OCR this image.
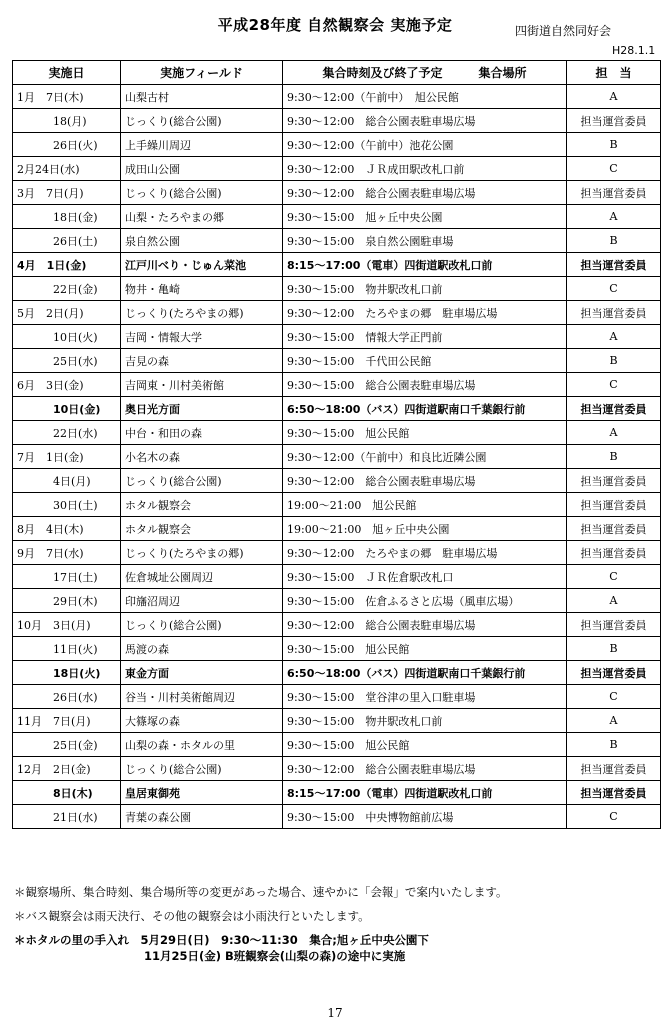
平成28年度 自然観察会 実施予定	四街道自然同好会
H28.1.1
実施日	実施フィールド	集合時刻及び終了予定　　　集合場所	担　当
1月　7日(木)	山梨古村	9:30～12:00（午前中）　旭公民館	A
18(月)	じっくり(総合公園)	9:30～12:00　総合公園表駐車場広場	担当運営委員
26日(火)	上手繰川周辺	9:30～12:00（午前中）池花公園	B
2月24日(水)	成田山公園	9:30～12:00　ＪＲ成田駅改札口前	C
3月　7日(月)	じっくり(総合公園)	9:30～12:00　総合公園表駐車場広場	担当運営委員
18日(金)	山梨・たろやまの郷	9:30～15:00　旭ヶ丘中央公園	A
26日(土)	泉自然公園	9:30～15:00　泉自然公園駐車場	B
4月　1日(金)	江戸川べり・じゅん菜池	8:15～17:00（電車）四街道駅改札口前	担当運営委員
22日(金)	物井・亀崎	9:30～15:00　物井駅改札口前	C
5月　2日(月)	じっくり(たろやまの郷)	9:30～12:00　たろやまの郷　駐車場広場	担当運営委員
10日(火)	吉岡・情報大学	9:30～15:00　情報大学正門前	A
25日(水)	吉見の森	9:30～15:00　千代田公民館	B
6月　3日(金)	吉岡東・川村美術館	9:30～15:00　総合公園表駐車場広場	C
10日(金)	奥日光方面	6:50～18:00（バス）四街道駅南口千葉銀行前	担当運営委員
22日(水)	中台・和田の森	9:30～15:00　旭公民館	A
7月　1日(金)	小名木の森	9:30～12:00（午前中）和良比近隣公園	B
4日(月)	じっくり(総合公園)	9:30～12:00　総合公園表駐車場広場	担当運営委員
30日(土)	ホタル観察会	19:00～21:00　旭公民館	担当運営委員
8月　4日(木)	ホタル観察会	19:00～21:00　旭ヶ丘中央公園	担当運営委員
9月　7日(水)	じっくり(たろやまの郷)	9:30～12:00　たろやまの郷　駐車場広場	担当運営委員
17日(土)	佐倉城址公園周辺	9:30～15:00　ＪＲ佐倉駅改札口	C
29日(木)	印旛沼周辺	9:30～15:00　佐倉ふるさと広場（風車広場）	A
10月　3日(月)	じっくり(総合公園)	9:30～12:00　総合公園表駐車場広場	担当運営委員
11日(火)	馬渡の森	9:30～15:00　旭公民館	B
18日(火)	東金方面	6:50～18:00（バス）四街道駅南口千葉銀行前	担当運営委員
26日(水)	谷当・川村美術館周辺	9:30～15:00　堂谷津の里入口駐車場	C
11月　7日(月)	大篠塚の森	9:30～15:00　物井駅改札口前	A
25日(金)	山梨の森・ホタルの里	9:30～15:00　旭公民館	B
12月　2日(金)	じっくり(総合公園)	9:30～12:00　総合公園表駐車場広場	担当運営委員
8日(木)	皇居東御苑	8:15～17:00（電車）四街道駅改札口前	担当運営委員
21日(水)	青葉の森公園	9:30～15:00　中央博物館前広場	C
＊観察場所、集合時刻、集合場所等の変更があった場合、速やかに「会報」で案内いたします。
＊バス観察会は雨天決行、その他の観察会は小雨決行といたします。
＊ホタルの里の手入れ　5月29日(日)　9:30～11:30　集合;旭ヶ丘中央公園下
11月25日(金) B班観察会(山梨の森)の途中に実施
17
